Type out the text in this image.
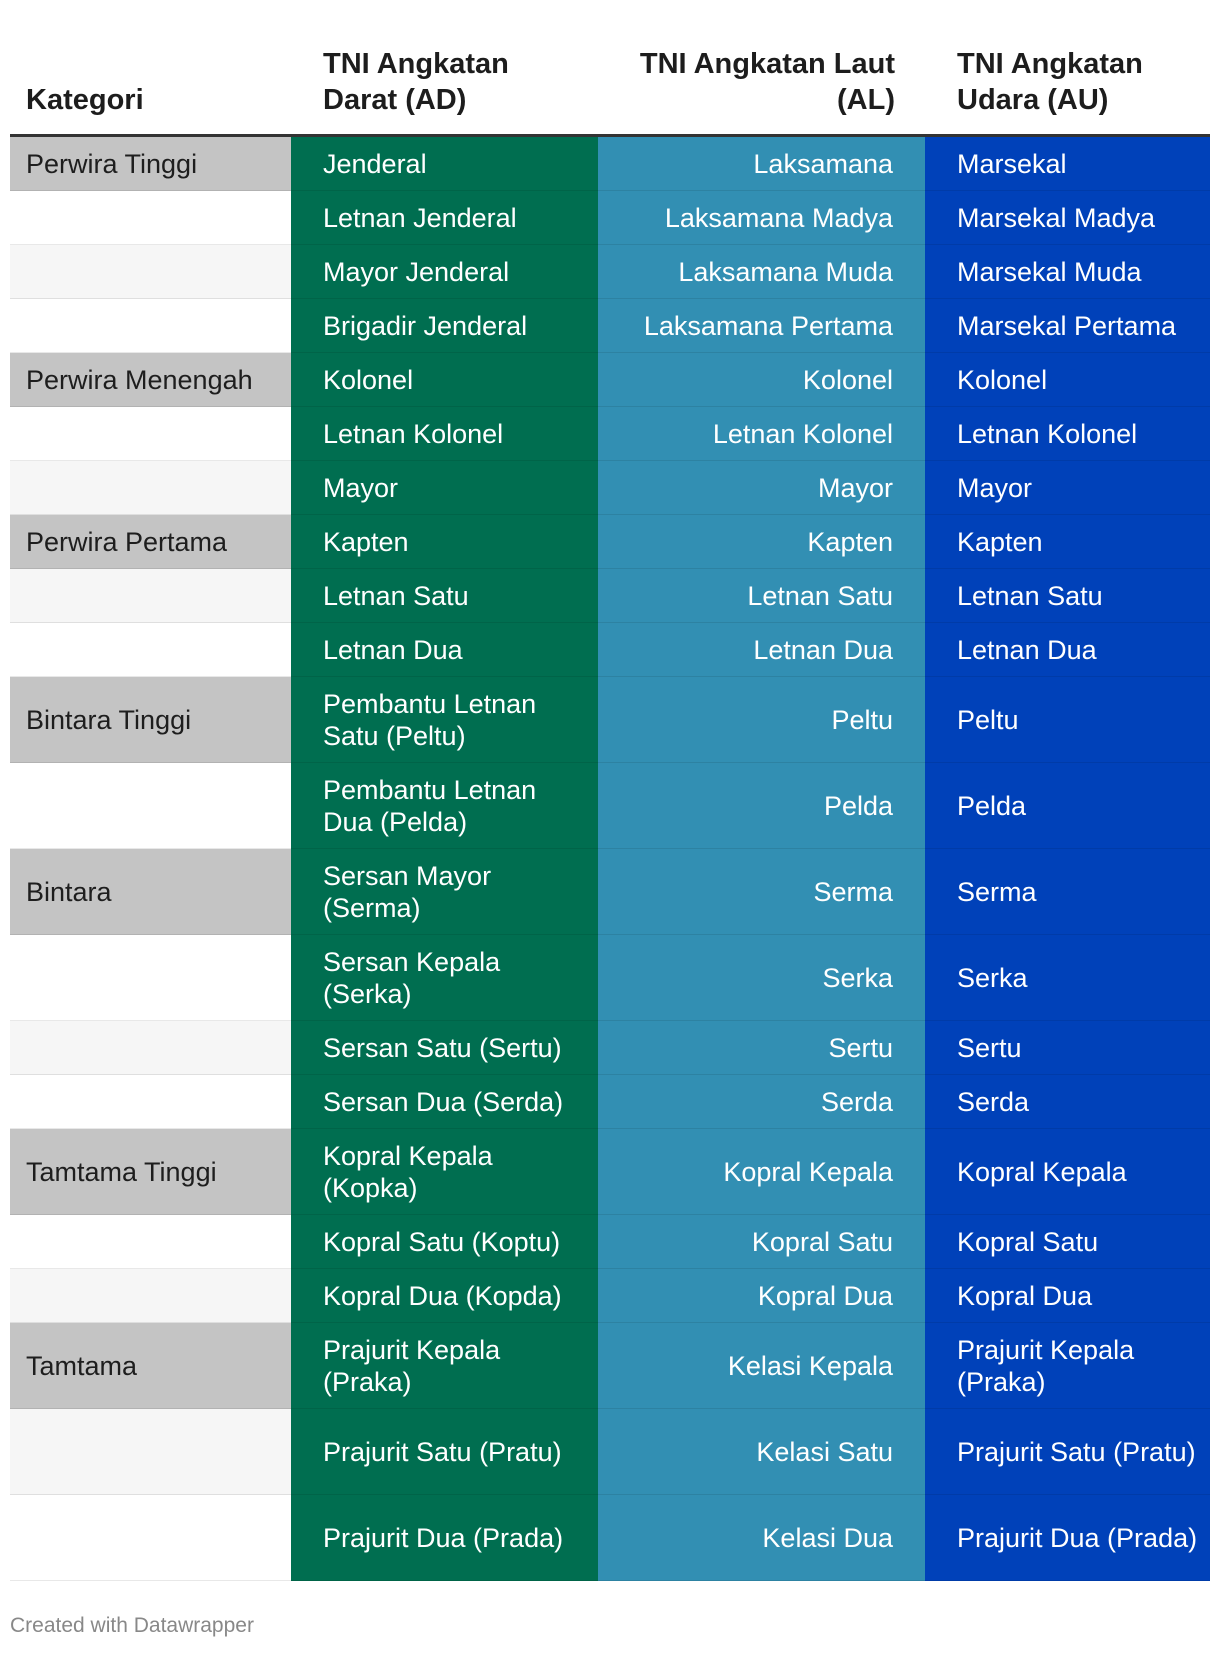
Kategori	TNI Angkatan Darat (AD)	TNI Angkatan Laut (AL)	TNI Angkatan Udara (AU)
Perwira Tinggi	Jenderal	Laksamana	Marsekal
	Letnan Jenderal	Laksamana Madya	Marsekal Madya
	Mayor Jenderal	Laksamana Muda	Marsekal Muda
	Brigadir Jenderal	Laksamana Pertama	Marsekal Pertama
Perwira Menengah	Kolonel	Kolonel	Kolonel
	Letnan Kolonel	Letnan Kolonel	Letnan Kolonel
	Mayor	Mayor	Mayor
Perwira Pertama	Kapten	Kapten	Kapten
	Letnan Satu	Letnan Satu	Letnan Satu
	Letnan Dua	Letnan Dua	Letnan Dua
Bintara Tinggi	Pembantu Letnan Satu (Peltu)	Peltu	Peltu
	Pembantu Letnan Dua (Pelda)	Pelda	Pelda
Bintara	Sersan Mayor (Serma)	Serma	Serma
	Sersan Kepala (Serka)	Serka	Serka
	Sersan Satu (Sertu)	Sertu	Sertu
	Sersan Dua (Serda)	Serda	Serda
Tamtama Tinggi	Kopral Kepala (Kopka)	Kopral Kepala	Kopral Kepala
	Kopral Satu (Koptu)	Kopral Satu	Kopral Satu
	Kopral Dua (Kopda)	Kopral Dua	Kopral Dua
Tamtama	Prajurit Kepala (Praka)	Kelasi Kepala	Prajurit Kepala (Praka)
	Prajurit Satu (Pratu)	Kelasi Satu	Prajurit Satu (Pratu)
	Prajurit Dua (Prada)	Kelasi Dua	Prajurit Dua (Prada)
Created with Datawrapper
